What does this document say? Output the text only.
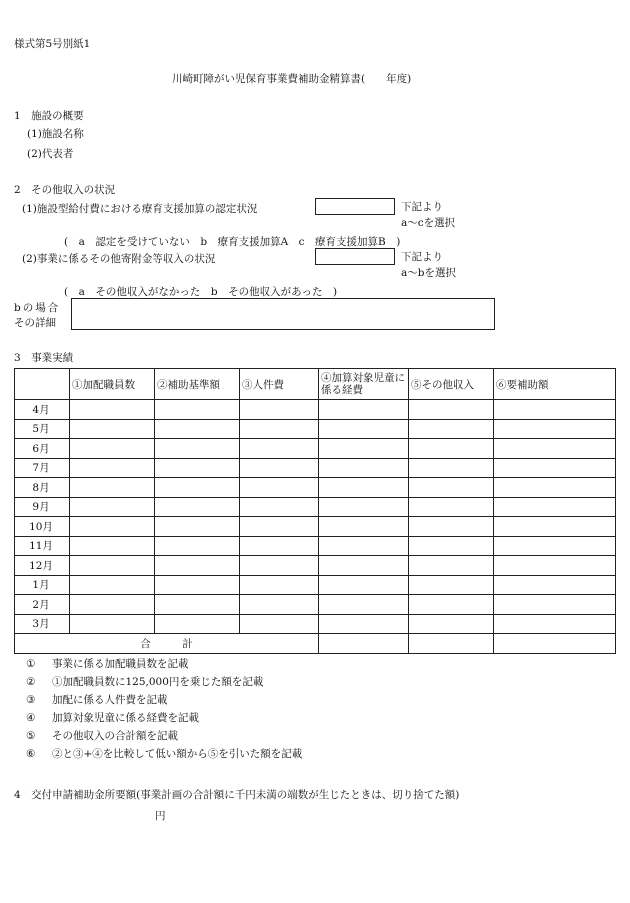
様式第5号別紙1
川崎町障がい児保育事業費補助金精算書(　　年度)
1　施設の概要
(1)施設名称
(2)代表者
2　その他収入の状況
(1)施設型給付費における療育支援加算の認定状況	下記より
a〜cを選択
(　a　認定を受けていない　b　療育支援加算A　c　療育支援加算B　)
(2)事業に係るその他寄附金等収入の状況	下記より
a〜bを選択
(　a　その他収入がなかった　b　その他収入があった　)
bの場合
その詳細
3　事業実績
	①加配職員数	②補助基準額	③人件費	④加算対象児童に係る経費	⑤その他収入	⑥要補助額
4月						
5月						
6月						
7月						
8月						
9月						
10月						
11月						
12月						
1月						
2月						
3月						
合　　　計						
① 事業に係る加配職員数を記載
② ①加配職員数に125,000円を乗じた額を記載
③ 加配に係る人件費を記載
④ 加算対象児童に係る経費を記載
⑤ その他収入の合計額を記載
⑥ ②と③+④を比較して低い額から⑤を引いた額を記載
4　交付申請補助金所要額(事業計画の合計額に千円未満の端数が生じたときは、切り捨てた額)
円
